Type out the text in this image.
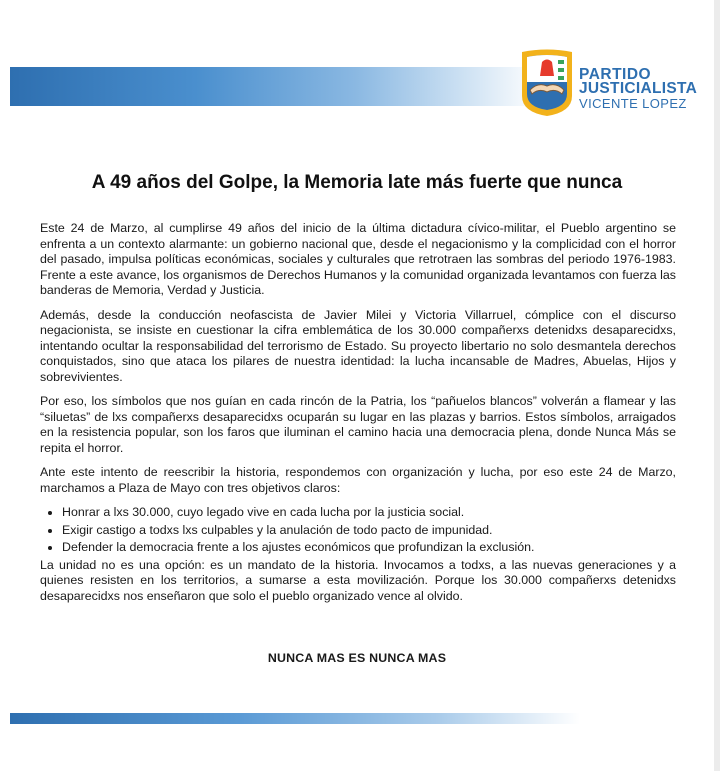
PARTIDO
JUSTICIALISTA
VICENTE LOPEZ
A 49 años del Golpe, la Memoria late más fuerte que nunca

Este 24 de Marzo, al cumplirse 49 años del inicio de la última dictadura cívico-militar, el Pueblo argentino se enfrenta a un contexto alarmante: un gobierno nacional que, desde el negacionismo y la complicidad con el horror del pasado, impulsa políticas económicas, sociales y culturales que retrotraen las sombras del periodo 1976-1983. Frente a este avance, los organismos de Derechos Humanos y la comunidad organizada levantamos con fuerza las banderas de Memoria, Verdad y Justicia.

Además, desde la conducción neofascista de Javier Milei y Victoria Villarruel, cómplice con el discurso negacionista, se insiste en cuestionar la cifra emblemática de los 30.000 compañerxs detenidxs desaparecidxs, intentando ocultar la responsabilidad del terrorismo de Estado. Su proyecto libertario no solo desmantela derechos conquistados, sino que ataca los pilares de nuestra identidad: la lucha incansable de Madres, Abuelas, Hijos y sobrevivientes.

Por eso, los símbolos que nos guían en cada rincón de la Patria, los “pañuelos blancos” volverán a flamear y las “siluetas” de lxs compañerxs desaparecidxs ocuparán su lugar en las plazas y barrios. Estos símbolos, arraigados en la resistencia popular, son los faros que iluminan el camino hacia una democracia plena, donde Nunca Más se repita el horror.

Ante este intento de reescribir la historia, respondemos con organización y lucha, por eso este 24 de Marzo, marchamos a Plaza de Mayo con tres objetivos claros:

• Honrar a lxs 30.000, cuyo legado vive en cada lucha por la justicia social.
• Exigir castigo a todxs lxs culpables y la anulación de todo pacto de impunidad.
• Defender la democracia frente a los ajustes económicos que profundizan la exclusión.

La unidad no es una opción: es un mandato de la historia. Invocamos a todxs, a las nuevas generaciones y a quienes resisten en los territorios, a sumarse a esta movilización. Porque los 30.000 compañerxs detenidxs desaparecidxs nos enseñaron que solo el pueblo organizado vence al olvido.

NUNCA MAS ES NUNCA MAS
